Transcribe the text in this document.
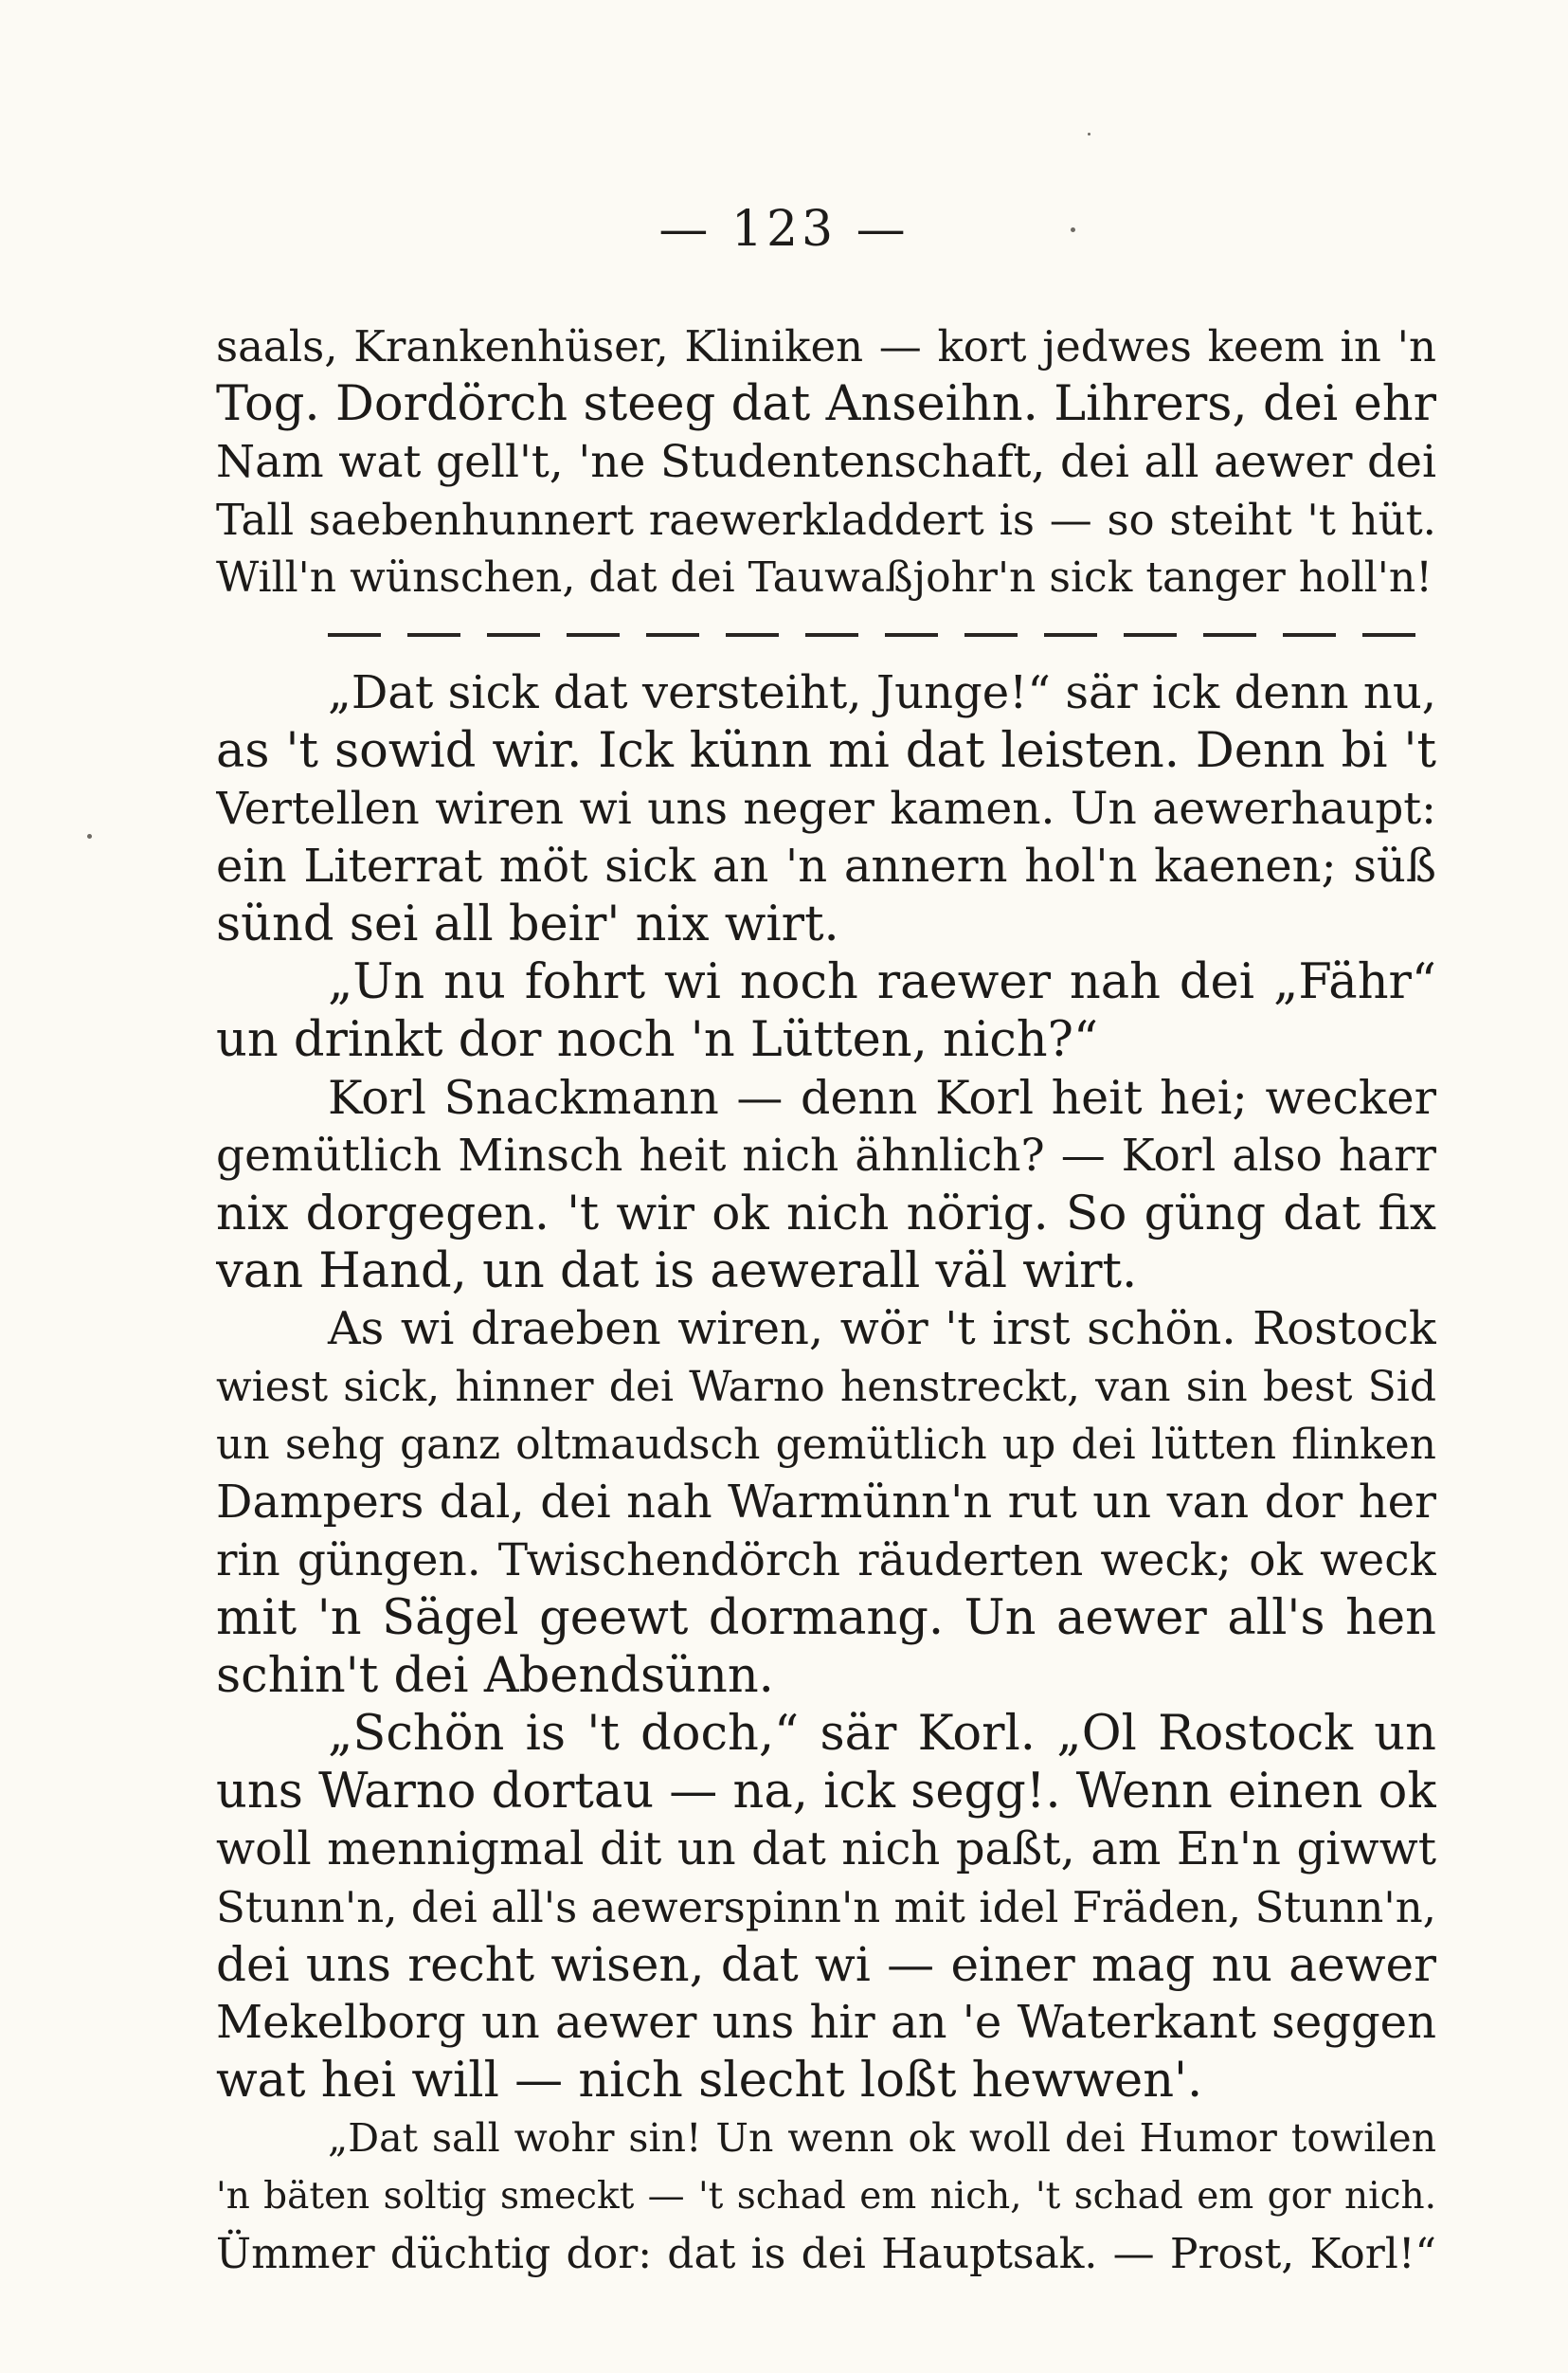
— 123 —
saals, Krankenhüser, Kliniken — kort jedwes keem in 'n
Tog. Dordörch steeg dat Anseihn. Lihrers, dei ehr
Nam wat gell't, 'ne Studentenschaft, dei all aewer dei
Tall saebenhunnert raewerkladdert is — so steiht 't hüt.
Will'n wünschen, dat dei Tauwaßjohr'n sick tanger holl'n!
„Dat sick dat versteiht, Junge!“ sär ick denn nu,
as 't sowid wir. Ick künn mi dat leisten. Denn bi 't
Vertellen wiren wi uns neger kamen. Un aewerhaupt:
ein Literrat möt sick an 'n annern hol'n kaenen; süß
sünd sei all beir' nix wirt.
„Un nu fohrt wi noch raewer nah dei „Fähr“
un drinkt dor noch 'n Lütten, nich?“
Korl Snackmann — denn Korl heit hei; wecker
gemütlich Minsch heit nich ähnlich? — Korl also harr
nix dorgegen. 't wir ok nich nörig. So güng dat fix
van Hand, un dat is aewerall väl wirt.
As wi draeben wiren, wör 't irst schön. Rostock
wiest sick, hinner dei Warno henstreckt, van sin best Sid
un sehg ganz oltmaudsch gemütlich up dei lütten flinken
Dampers dal, dei nah Warmünn'n rut un van dor her
rin güngen. Twischendörch räuderten weck; ok weck
mit 'n Sägel geewt dormang. Un aewer all's hen
schin't dei Abendsünn.
„Schön is 't doch,“ sär Korl. „Ol Rostock un
uns Warno dortau — na, ick segg!. Wenn einen ok
woll mennigmal dit un dat nich paßt, am En'n giwwt
Stunn'n, dei all's aewerspinn'n mit idel Fräden, Stunn'n,
dei uns recht wisen, dat wi — einer mag nu aewer
Mekelborg un aewer uns hir an 'e Waterkant seggen
wat hei will — nich slecht loßt hewwen'.
„Dat sall wohr sin! Un wenn ok woll dei Humor towilen
'n bäten soltig smeckt — 't schad em nich, 't schad em gor nich.
Ümmer düchtig dor: dat is dei Hauptsak. — Prost, Korl!“
